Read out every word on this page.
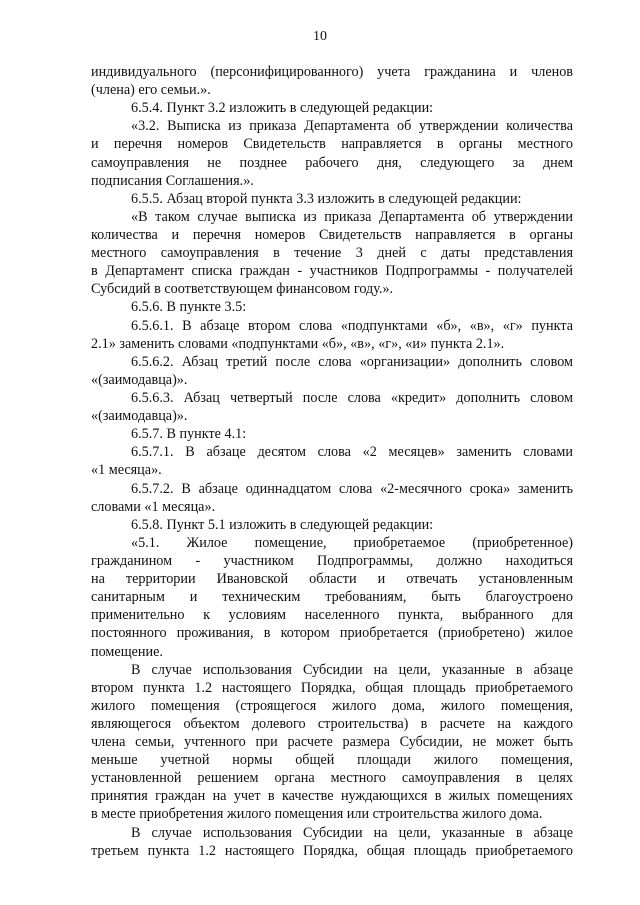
10
индивидуального (персонифицированного) учета гражданина и членов
(члена) его семьи.».
6.5.4. Пункт 3.2 изложить в следующей редакции:
«3.2. Выписка из приказа Департамента об утверждении количества
и перечня номеров Свидетельств направляется в органы местного
самоуправления не позднее рабочего дня, следующего за днем
подписания Соглашения.».
6.5.5. Абзац второй пункта 3.3 изложить в следующей редакции:
«В таком случае выписка из приказа Департамента об утверждении
количества и перечня номеров Свидетельств направляется в органы
местного самоуправления в течение 3 дней с даты представления
в Департамент списка граждан - участников Подпрограммы - получателей
Субсидий в соответствующем финансовом году.».
6.5.6. В пункте 3.5:
6.5.6.1. В абзаце втором слова «подпунктами «б», «в», «г» пункта
2.1» заменить словами «подпунктами «б», «в», «г», «и» пункта 2.1».
6.5.6.2. Абзац третий после слова «организации» дополнить словом
«(заимодавца)».
6.5.6.3. Абзац четвертый после слова «кредит» дополнить словом
«(заимодавца)».
6.5.7. В пункте 4.1:
6.5.7.1. В абзаце десятом слова «2 месяцев» заменить словами
«1 месяца».
6.5.7.2. В абзаце одиннадцатом слова «2-месячного срока» заменить
словами «1 месяца».
6.5.8. Пункт 5.1 изложить в следующей редакции:
«5.1. Жилое помещение, приобретаемое (приобретенное)
гражданином - участником Подпрограммы, должно находиться
на территории Ивановской области и отвечать установленным
санитарным и техническим требованиям, быть благоустроено
применительно к условиям населенного пункта, выбранного для
постоянного проживания, в котором приобретается (приобретено) жилое
помещение.
В случае использования Субсидии на цели, указанные в абзаце
втором пункта 1.2 настоящего Порядка, общая площадь приобретаемого
жилого помещения (строящегося жилого дома, жилого помещения,
являющегося объектом долевого строительства) в расчете на каждого
члена семьи, учтенного при расчете размера Субсидии, не может быть
меньше учетной нормы общей площади жилого помещения,
установленной решением органа местного самоуправления в целях
принятия граждан на учет в качестве нуждающихся в жилых помещениях
в месте приобретения жилого помещения или строительства жилого дома.
В случае использования Субсидии на цели, указанные в абзаце
третьем пункта 1.2 настоящего Порядка, общая площадь приобретаемого
